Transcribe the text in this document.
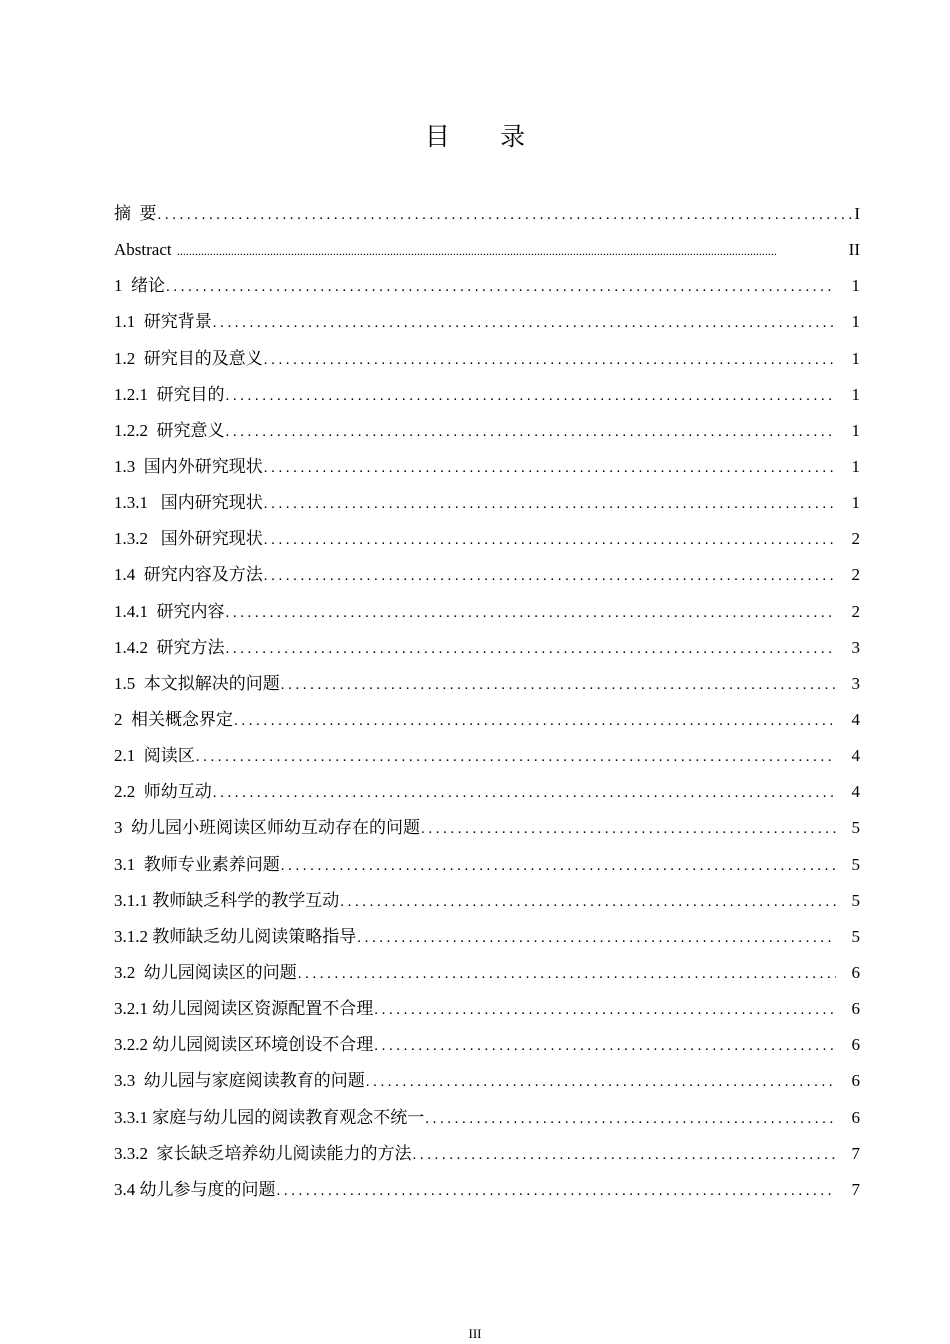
目 录
摘  要 .....	I
Abstract .....	II
1  绪论 .....	1
1.1  研究背景 .....	1
1.2  研究目的及意义 .....	1
1.2.1  研究目的 .....	1
1.2.2  研究意义 .....	1
1.3  国内外研究现状 .....	1
1.3.1   国内研究现状 .....	1
1.3.2   国外研究现状 .....	2
1.4  研究内容及方法 .....	2
1.4.1  研究内容 .....	2
1.4.2  研究方法 .....	3
1.5  本文拟解决的问题 .....	3
2  相关概念界定 .....	4
2.1  阅读区 .....	4
2.2  师幼互动 .....	4
3  幼儿园小班阅读区师幼互动存在的问题 .....	5
3.1  教师专业素养问题 .....	5
3.1.1 教师缺乏科学的教学互动 .....	5
3.1.2 教师缺乏幼儿阅读策略指导 .....	5
3.2  幼儿园阅读区的问题 .....	6
3.2.1 幼儿园阅读区资源配置不合理 .....	6
3.2.2 幼儿园阅读区环境创设不合理 .....	6
3.3  幼儿园与家庭阅读教育的问题 .....	6
3.3.1 家庭与幼儿园的阅读教育观念不统一 .....	6
3.3.2  家长缺乏培养幼儿阅读能力的方法 .....	7
3.4 幼儿参与度的问题 .....	7
III
